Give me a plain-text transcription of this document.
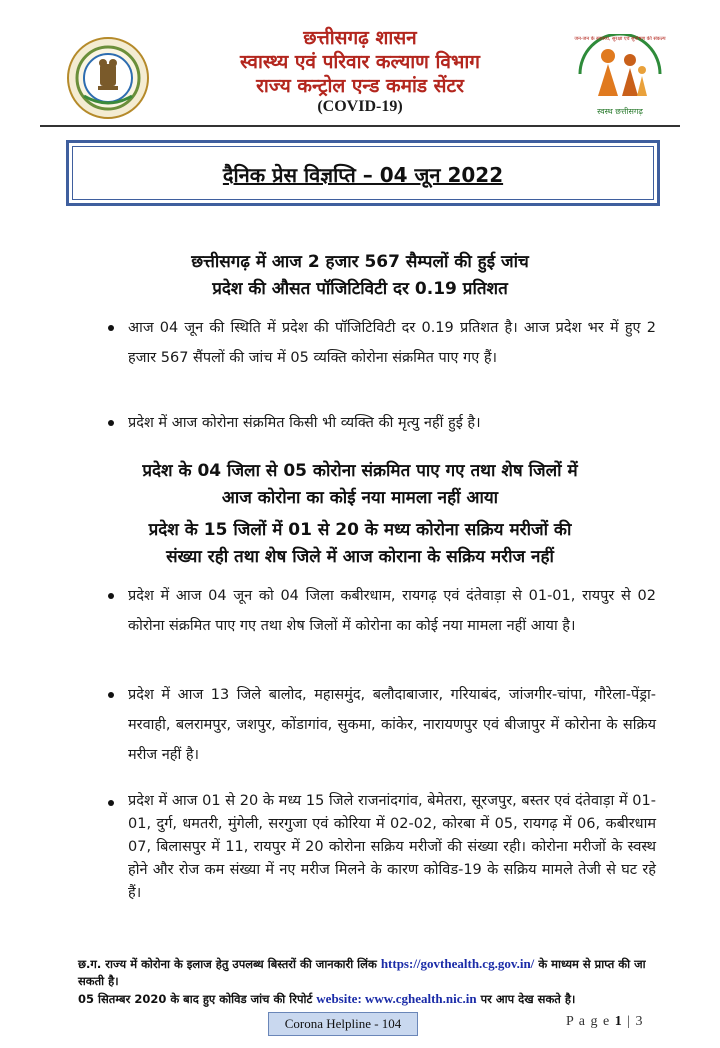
छत्तीसगढ़ शासन
स्वास्थ्य एवं परिवार कल्याण विभाग
राज्य कन्ट्रोल एन्ड कमांड सेंटर
(COVID-19)
जन-जन के स्वास्थ्य, सुरक्षा एवं सुपोषण की संकल्प
स्वस्थ छत्तीसगढ़
दैनिक प्रेस विज्ञप्ति – 04 जून 2022
छत्तीसगढ़ में आज 2 हजार 567 सैम्पलों की हुई जांच
प्रदेश की औसत पॉजिटिविटी दर 0.19 प्रतिशत
आज 04 जून की स्थिति में प्रदेश की पॉजिटिविटी दर 0.19 प्रतिशत है। आज प्रदेश भर में हुए 2 हजार 567 सैंपलों की जांच में 05 व्यक्ति कोरोना संक्रमित पाए गए हैं।
प्रदेश में आज कोरोना संक्रमित किसी भी व्यक्ति की मृत्यु नहीं हुई है।
प्रदेश के 04 जिला से 05 कोरोना संक्रमित पाए गए तथा शेष जिलों में
आज कोरोना का कोई नया मामला नहीं आया
प्रदेश के 15 जिलों में 01 से 20 के मध्य कोरोना सक्रिय मरीजों की
संख्या रही तथा शेष जिले में आज कोराना के सक्रिय मरीज नहीं
प्रदेश में आज 04 जून को 04 जिला कबीरधाम, रायगढ़ एवं दंतेवाड़ा से 01-01, रायपुर से 02 कोरोना संक्रमित पाए गए तथा शेष जिलों में कोरोना का कोई नया मामला नहीं आया है।
प्रदेश में आज 13 जिले बालोद, महासमुंद, बलौदाबाजार, गरियाबंद, जांजगीर-चांपा, गौरेला-पेंड्रा-मरवाही, बलरामपुर, जशपुर, कोंडागांव, सुकमा, कांकेर, नारायणपुर एवं बीजापुर में कोरोना के सक्रिय मरीज नहीं है।
प्रदेश में आज 01 से 20 के मध्य 15 जिले राजनांदगांव, बेमेतरा, सूरजपुर, बस्तर एवं दंतेवाड़ा में 01-01, दुर्ग, धमतरी, मुंगेली, सरगुजा एवं कोरिया में 02-02, कोरबा में 05, रायगढ़ में 06, कबीरधाम 07, बिलासपुर में 11, रायपुर में 20 कोरोना सक्रिय मरीजों की संख्या रही। कोरोना मरीजों के स्वस्थ होने और रोज कम संख्या में नए मरीज मिलने के कारण कोविड-19 के सक्रिय मामले तेजी से घट रहे हैं।
छ.ग. राज्य में कोरोना के इलाज हेतु उपलब्ध बिस्तरों की जानकारी लिंक https://govthealth.cg.gov.in/ के माध्यम से प्राप्त की जा सकती है।
05 सितम्बर 2020 के बाद हुए कोविड जांच की रिपोर्ट website: www.cghealth.nic.in पर आप देख सकते है।
Corona Helpline - 104	P a g e 1 | 3
